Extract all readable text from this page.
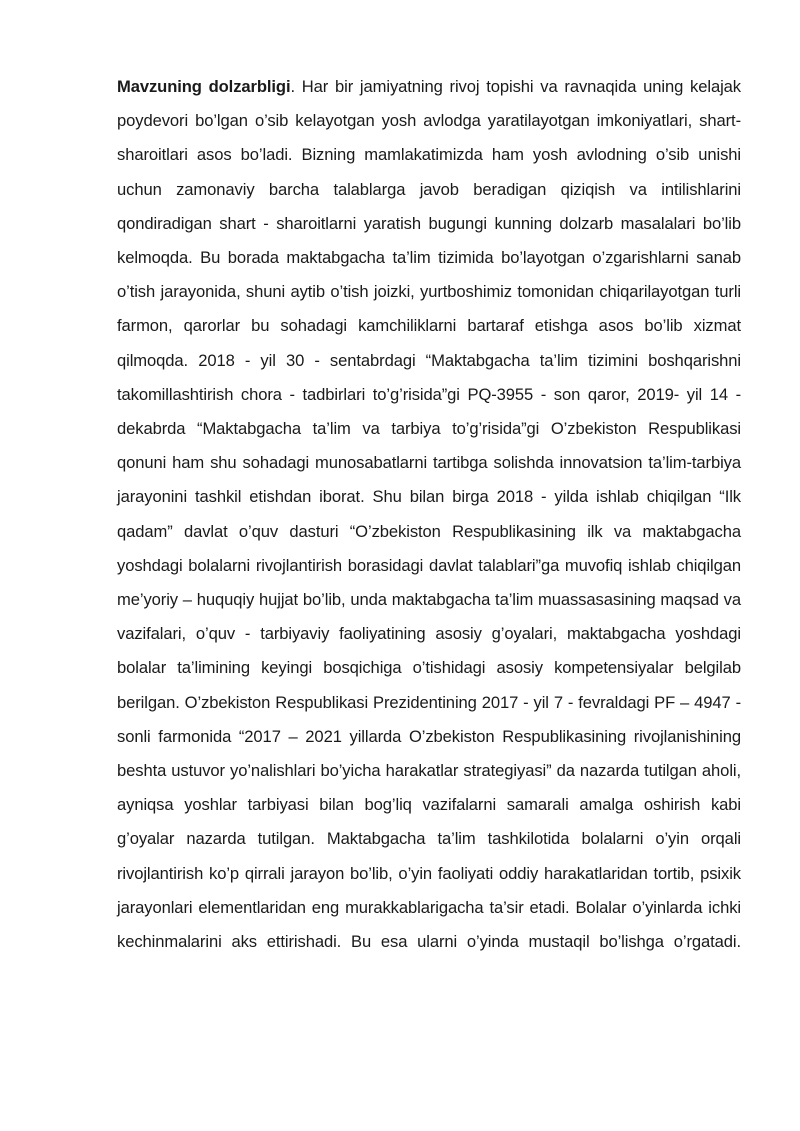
Mavzuning dolzarbligi. Har bir jamiyatning rivoj topishi va ravnaqida uning kelajak poydevori bo’lgan o’sib kelayotgan yosh avlodga yaratilayotgan imkoniyatlari, shart-sharoitlari asos bo’ladi. Bizning mamlakatimizda ham yosh avlodning o’sib unishi uchun zamonaviy barcha talablarga javob beradigan qiziqish va intilishlarini qondiradigan shart - sharoitlarni yaratish bugungi kunning dolzarb masalalari bo’lib kelmoqda. Bu borada maktabgacha ta’lim tizimida bo’layotgan o’zgarishlarni sanab o’tish jarayonida, shuni aytib o’tish joizki, yurtboshimiz tomonidan chiqarilayotgan turli farmon, qarorlar bu sohadagi kamchiliklarni bartaraf etishga asos bo’lib xizmat qilmoqda. 2018 - yil 30 - sentabrdagi “Maktabgacha ta’lim tizimini boshqarishni takomillashtirish chora - tadbirlari to’g’risida”gi PQ-3955 - son qaror, 2019- yil 14 - dekabrda “Maktabgacha ta’lim va tarbiya to’g’risida”gi O’zbekiston Respublikasi qonuni ham shu sohadagi munosabatlarni tartibga solishda innovatsion ta’lim-tarbiya jarayonini tashkil etishdan iborat. Shu bilan birga 2018 - yilda ishlab chiqilgan “Ilk qadam” davlat o’quv dasturi “O’zbekiston Respublikasining ilk va maktabgacha yoshdagi bolalarni rivojlantirish borasidagi davlat talablari”ga muvofiq ishlab chiqilgan me’yoriy – huquqiy hujjat bo’lib, unda maktabgacha ta’lim muassasasining maqsad va vazifalari, o’quv - tarbiyaviy faoliyatining asosiy g’oyalari, maktabgacha yoshdagi bolalar ta’limining keyingi bosqichiga o’tishidagi asosiy kompetensiyalar belgilab berilgan. O’zbekiston Respublikasi Prezidentining 2017 - yil 7 - fevraldagi PF – 4947 - sonli farmonida “2017 – 2021 yillarda O’zbekiston Respublikasining rivojlanishining beshta ustuvor yo’nalishlari bo’yicha harakatlar strategiyasi” da nazarda tutilgan aholi, ayniqsa yoshlar tarbiyasi bilan bog’liq vazifalarni samarali amalga oshirish kabi g’oyalar nazarda tutilgan. Maktabgacha ta’lim tashkilotida bolalarni o’yin orqali rivojlantirish ko’p qirrali jarayon bo’lib, o’yin faoliyati oddiy harakatlaridan tortib, psixik jarayonlari elementlaridan eng murakkablarigacha ta’sir etadi. Bolalar o’yinlarda ichki kechinmalarini aks ettirishadi. Bu esa ularni o’yinda mustaqil bo’lishga o’rgatadi.
